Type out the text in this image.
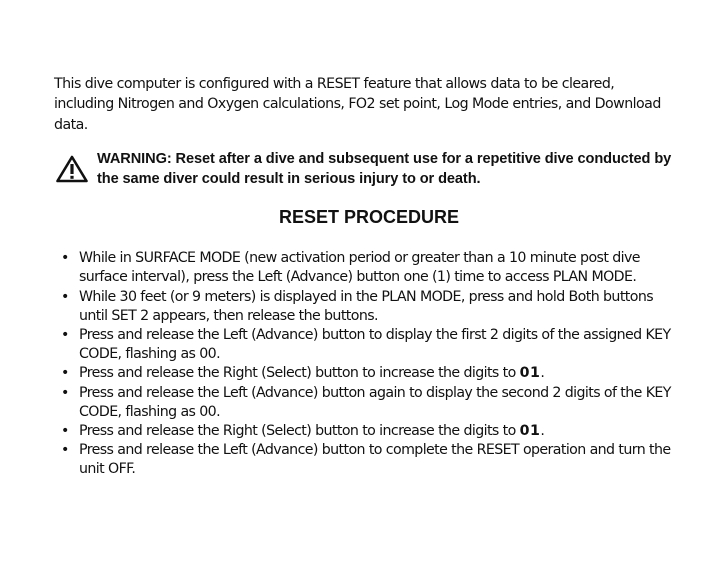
This dive computer is configured with a RESET feature that allows data to be cleared, including Nitrogen and Oxygen calculations, FO2 set point, Log Mode entries, and Download data.

WARNING: Reset after a dive and subsequent use for a repetitive dive conducted by the same diver could result in serious injury to or death.
RESET PROCEDURE
• While in SURFACE MODE (new activation period or greater than a 10 minute post dive surface interval), press the Left (Advance) button one (1) time to access PLAN MODE.
• While 30 feet (or 9 meters) is displayed in the PLAN MODE, press and hold Both buttons until SET 2 appears, then release the buttons.
• Press and release the Left (Advance) button to display the first 2 digits of the assigned KEY CODE, flashing as 00.
• Press and release the Right (Select) button to increase the digits to 01.
• Press and release the Left (Advance) button again to display the second 2 digits of the KEY CODE, flashing as 00.
• Press and release the Right (Select) button to increase the digits to 01.
• Press and release the Left (Advance) button to complete the RESET operation and turn the unit OFF.
